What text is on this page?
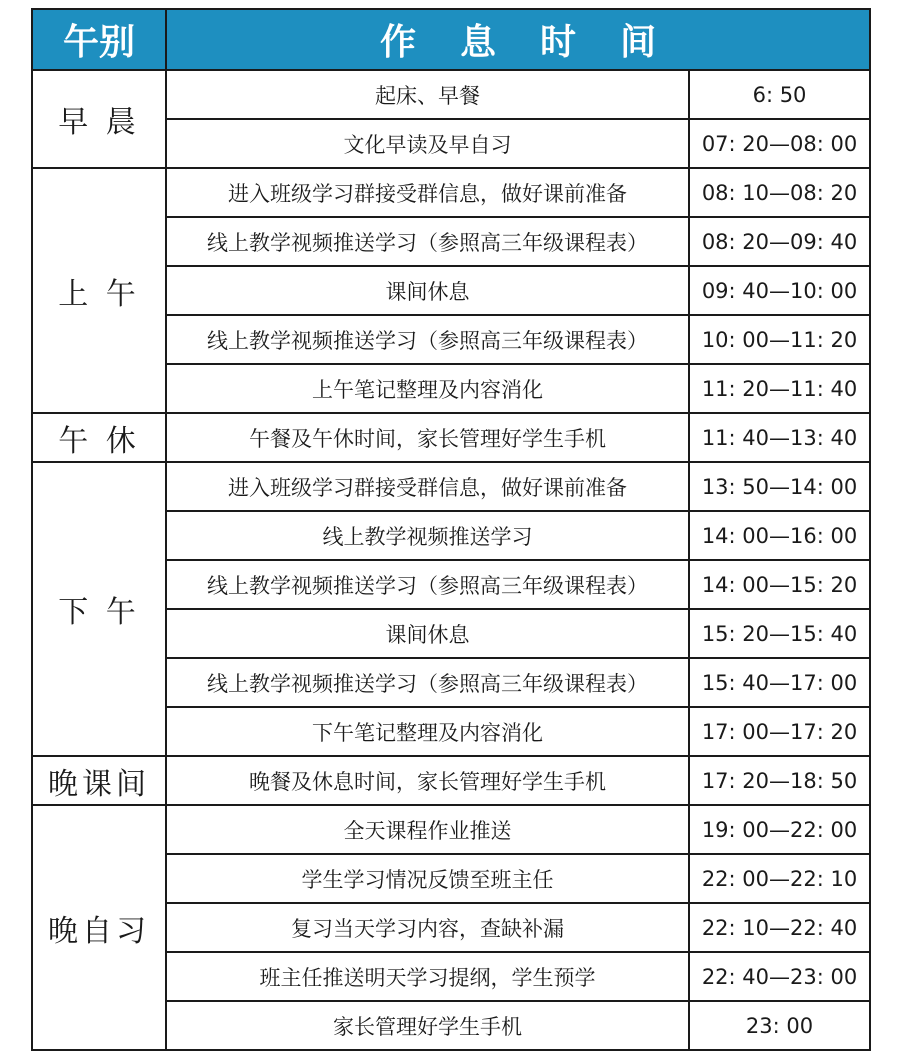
午别	作息时间	
早 晨	起床、早餐	6: 50
	文化早读及早自习	07: 20—08: 00
上 午	进入班级学习群接受群信息，做好课前准备	08: 10—08: 20
	线上教学视频推送学习（参照高三年级课程表）	08: 20—09: 40
	课间休息	09: 40—10: 00
	线上教学视频推送学习（参照高三年级课程表）	10: 00—11: 20
	上午笔记整理及内容消化	11: 20—11: 40
午 休	午餐及午休时间，家长管理好学生手机	11: 40—13: 40
下 午	进入班级学习群接受群信息，做好课前准备	13: 50—14: 00
	线上教学视频推送学习	14: 00—16: 00
	线上教学视频推送学习（参照高三年级课程表）	14: 00—15: 20
	课间休息	15: 20—15: 40
	线上教学视频推送学习（参照高三年级课程表）	15: 40—17: 00
	下午笔记整理及内容消化	17: 00—17: 20
晚课间	晚餐及休息时间，家长管理好学生手机	17: 20—18: 50
晚自习	全天课程作业推送	19: 00—22: 00
	学生学习情况反馈至班主任	22: 00—22: 10
	复习当天学习内容，查缺补漏	22: 10—22: 40
	班主任推送明天学习提纲，学生预学	22: 40—23: 00
	家长管理好学生手机	23: 00
